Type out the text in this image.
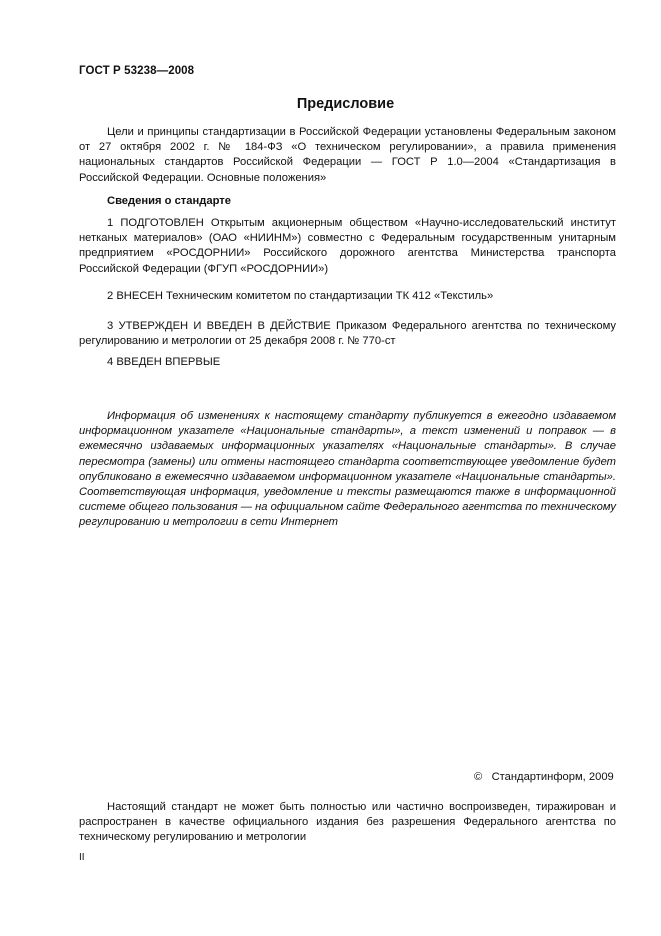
ГОСТ Р 53238—2008
Предисловие

Цели и принципы стандартизации в Российской Федерации установлены Федеральным законом от 27 октября 2002 г. № 184-ФЗ «О техническом регулировании», а правила применения национальных стандартов Российской Федерации — ГОСТ Р 1.0—2004 «Стандартизация в Российской Федерации. Основные положения»

Сведения о стандарте

1 ПОДГОТОВЛЕН Открытым акционерным обществом «Научно-исследовательский институт нетканых материалов» (ОАО «НИИНМ») совместно с Федеральным государственным унитарным предприятием «РОСДОРНИИ» Российского дорожного агентства Министерства транспорта Российской Федерации (ФГУП «РОСДОРНИИ»)

2 ВНЕСЕН Техническим комитетом по стандартизации ТК 412 «Текстиль»

3 УТВЕРЖДЕН И ВВЕДЕН В ДЕЙСТВИЕ Приказом Федерального агентства по техническому регулированию и метрологии от 25 декабря 2008 г. № 770-ст

4 ВВЕДЕН ВПЕРВЫЕ

Информация об изменениях к настоящему стандарту публикуется в ежегодно издаваемом информационном указателе «Национальные стандарты», а текст изменений и поправок — в ежемесячно издаваемых информационных указателях «Национальные стандарты». В случае пересмотра (замены) или отмены настоящего стандарта соответствующее уведомление будет опубликовано в ежемесячно издаваемом информационном указателе «Национальные стандарты». Соответствующая информация, уведомление и тексты размещаются также в информационной системе общего пользования — на официальном сайте Федерального агентства по техническому регулированию и метрологии в сети Интернет

©   Стандартинформ, 2009

Настоящий стандарт не может быть полностью или частично воспроизведен, тиражирован и распространен в качестве официального издания без разрешения Федерального агентства по техническому регулированию и метрологии

II
